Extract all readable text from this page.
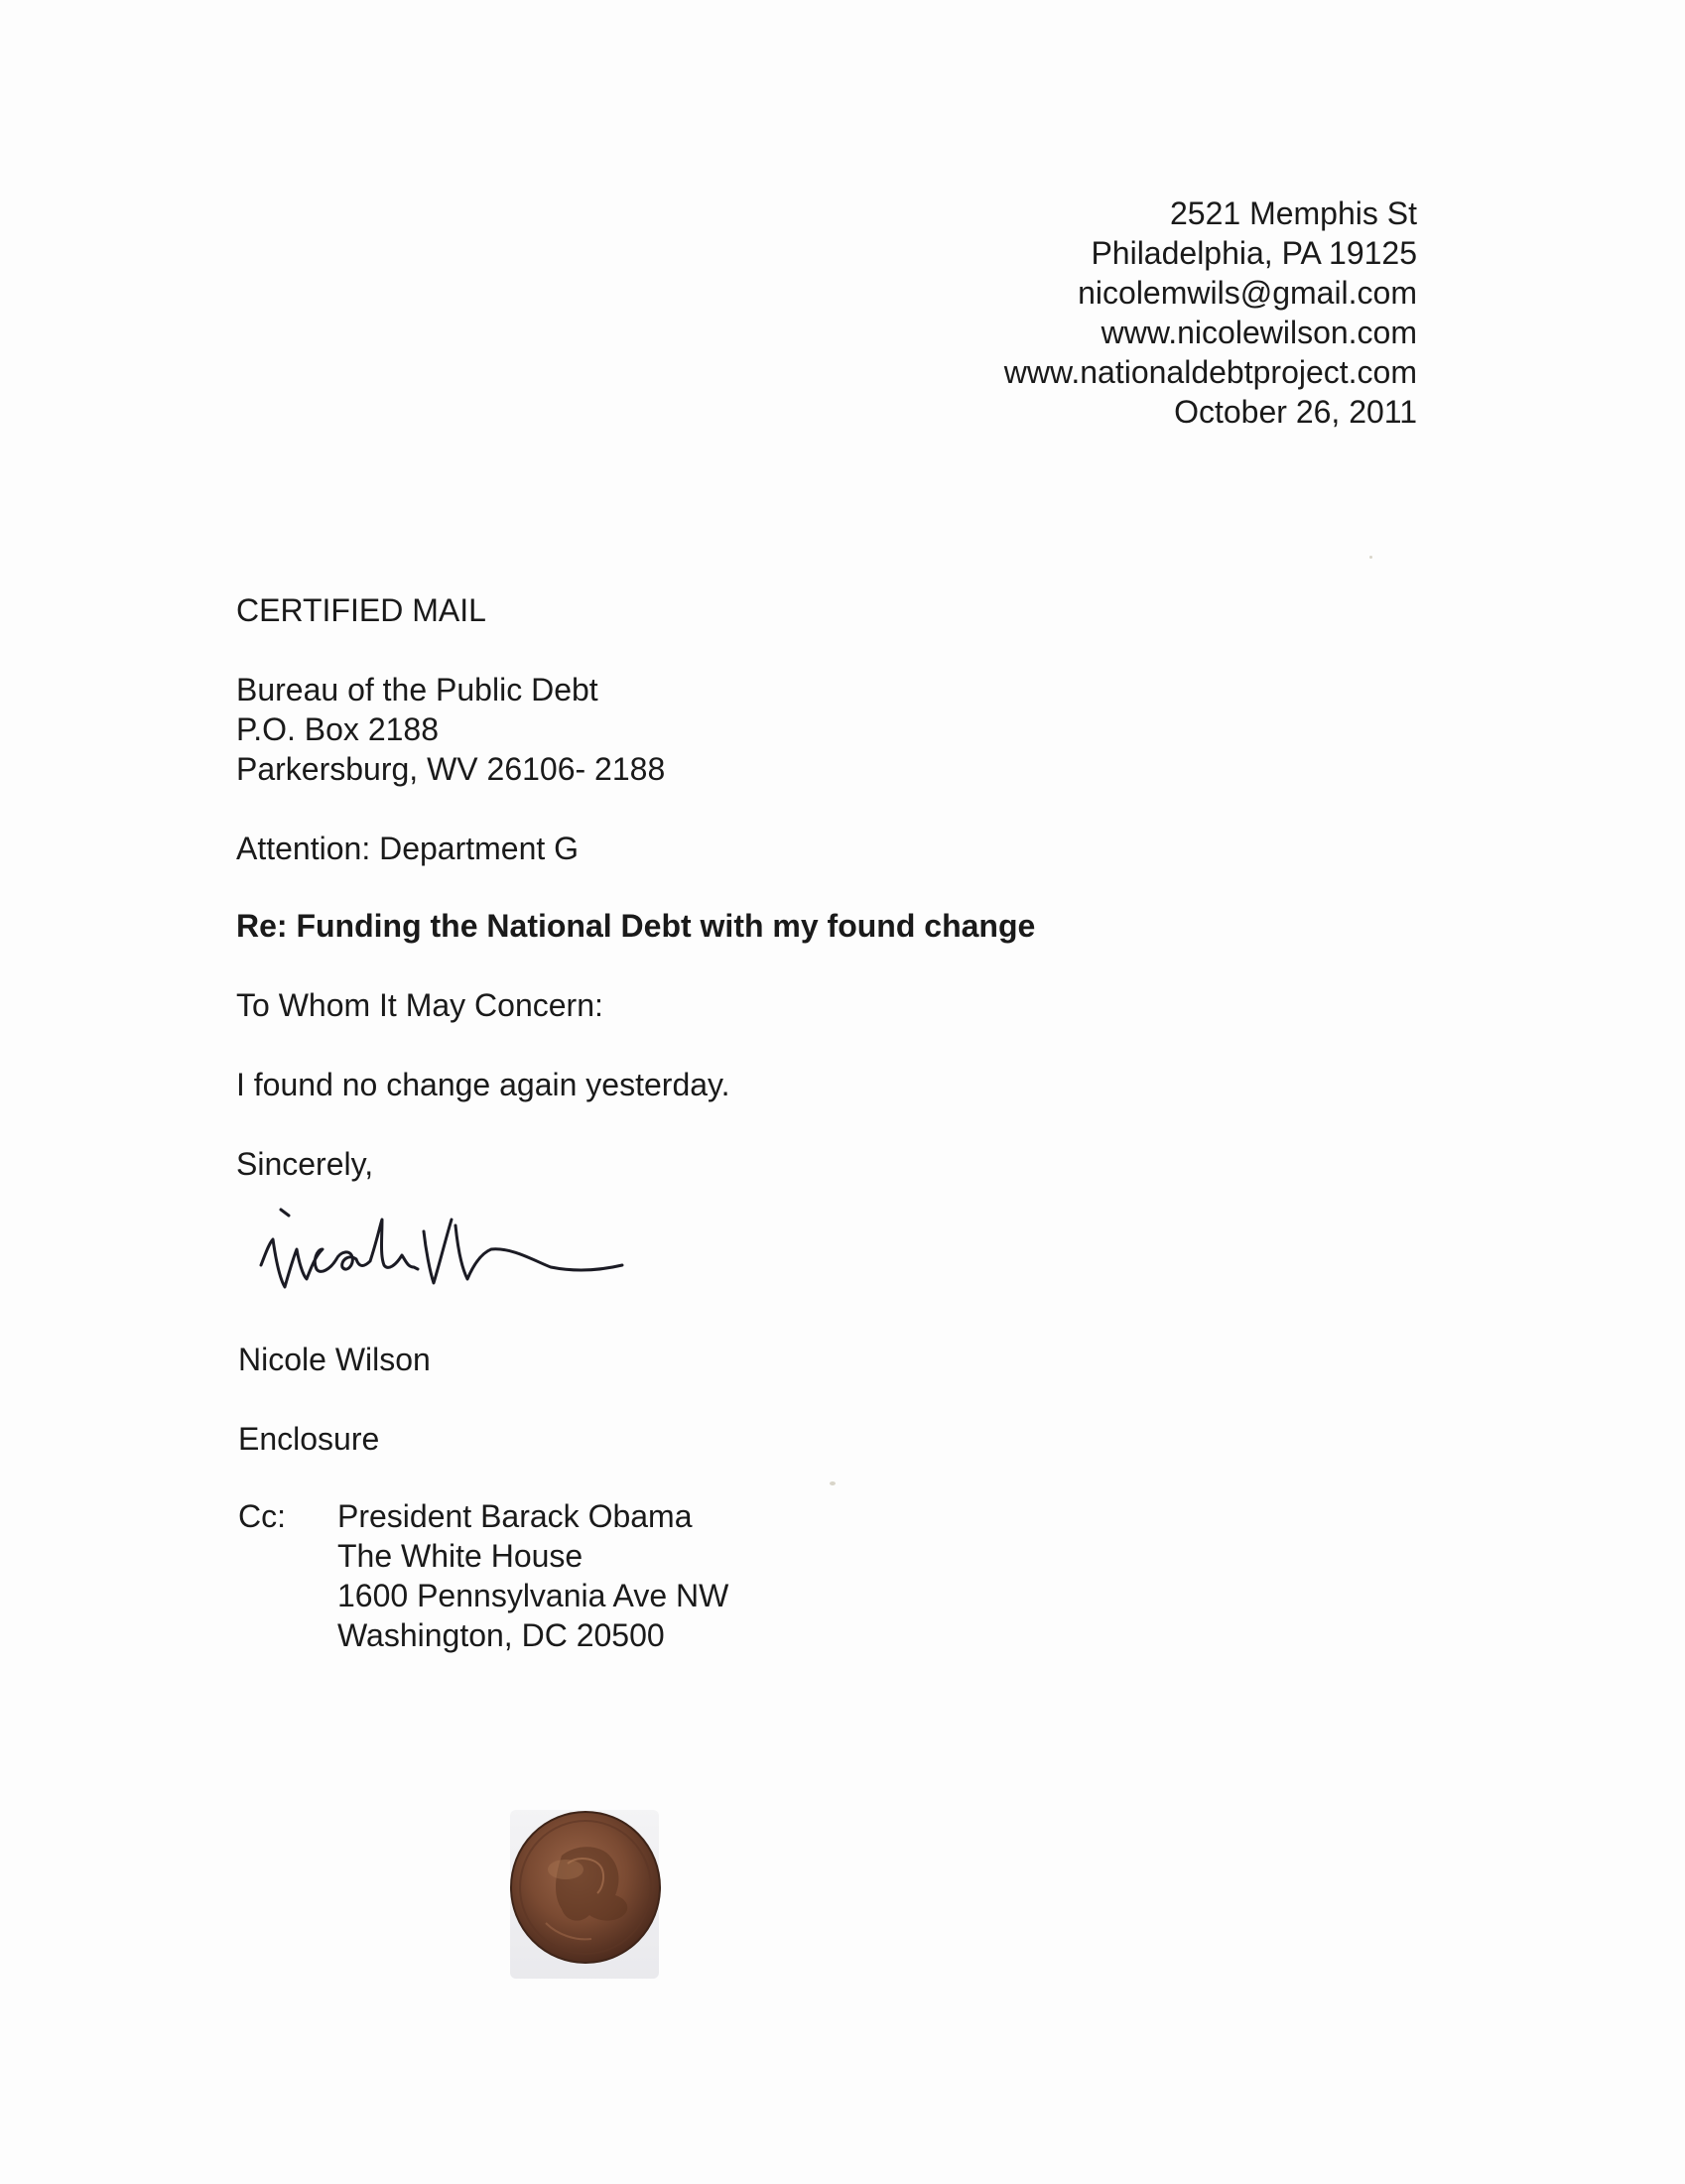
2521 Memphis St
Philadelphia, PA 19125
nicolemwils@gmail.com
www.nicolewilson.com
www.nationaldebtproject.com
October 26, 2011
CERTIFIED MAIL
Bureau of the Public Debt
P.O. Box 2188
Parkersburg, WV 26106- 2188
Attention: Department G
Re: Funding the National Debt with my found change
To Whom It May Concern:
I found no change again yesterday.
Sincerely,
Nicole Wilson
Enclosure
Cc: President Barack Obama
The White House
1600 Pennsylvania Ave NW
Washington, DC 20500
